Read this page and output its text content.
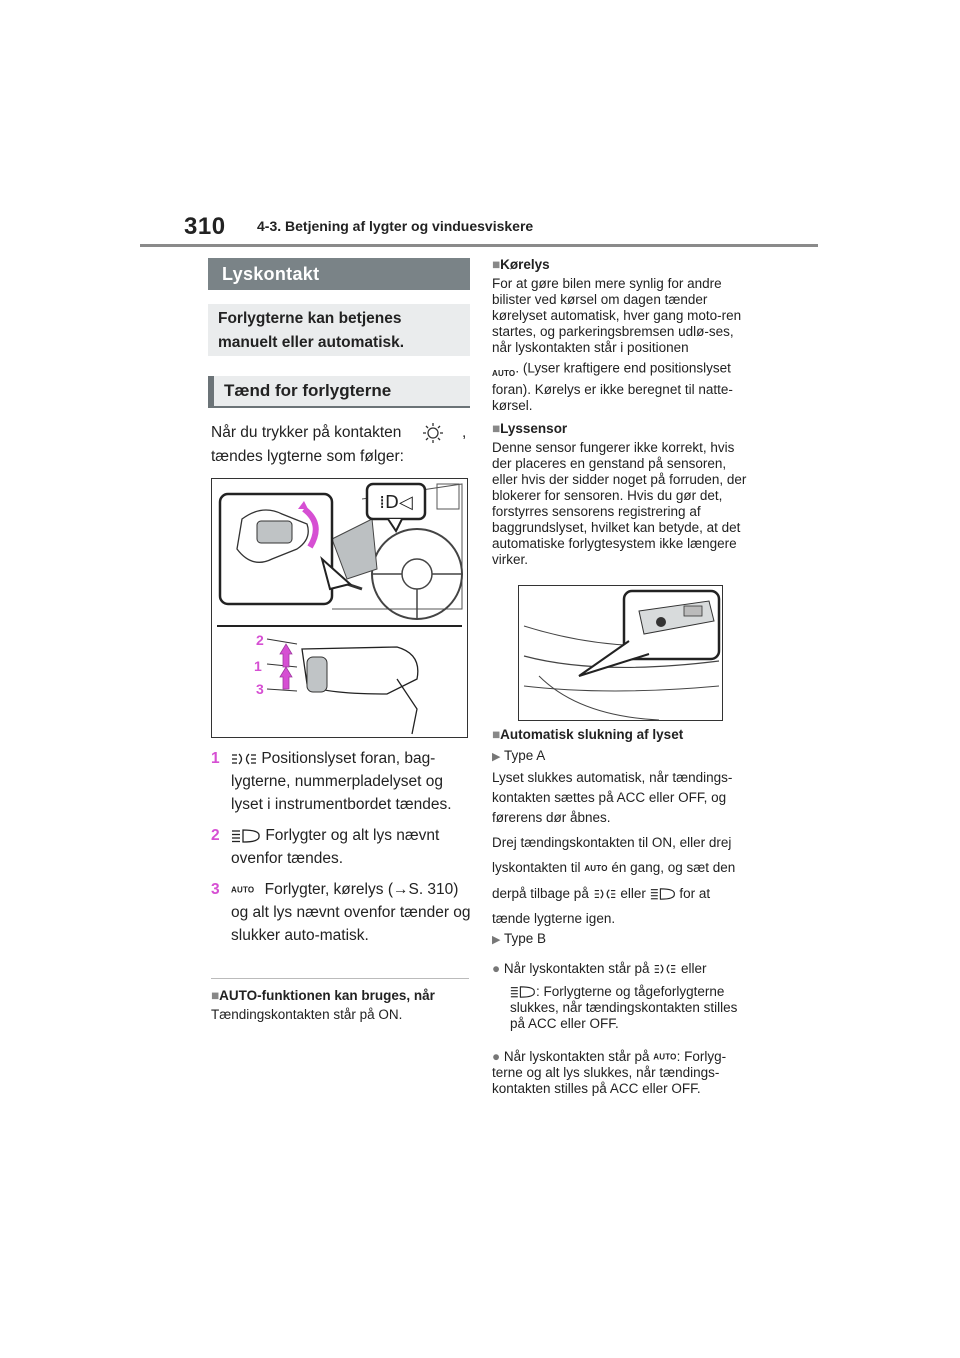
310 4-3. Betjening af lygter og vinduesviskere
Lyskontakt
Forlygterne kan betjenes manuelt eller automatisk.
Tænd for forlygterne
Når du trykker på kontakten	,
tændes lygterne som følger:
⁞D◁
2
1
3
1	Positionslyset foran, bag-lygterne, nummerpladelyset og lyset i instrumentbordet tændes.
2	Forlygter og alt lys nævnt ovenfor tændes.
3	AUTO Forlygter, kørelys (→S. 310) og alt lys nævnt ovenfor tænder og slukker auto-matisk.
■AUTO-funktionen kan bruges, når
Tændingskontakten står på ON.
■Kørelys
For at gøre bilen mere synlig for andre bilister ved kørsel om dagen tænder kørelyset automatisk, hver gang moto-ren startes, og parkeringsbremsen udlø-ses, når lyskontakten står i positionen
AUTO. (Lyser kraftigere end positionslyset foran). Kørelys er ikke beregnet til natte-kørsel.
■Lyssensor
Denne sensor fungerer ikke korrekt, hvis der placeres en genstand på sensoren, eller hvis der sidder noget på forruden, der blokerer for sensoren. Hvis du gør det, forstyrres sensorens registrering af baggrundslyset, hvilket kan betyde, at det automatiske forlygtesystem ikke længere virker.
■Automatisk slukning af lyset
▶ Type A
Lyset slukkes automatisk, når tændings-kontakten sættes på ACC eller OFF, og førerens dør åbnes.
Drej tændingskontakten til ON, eller drej lyskontakten til AUTO én gang, og sæt den derpå tilbage på eller for at tænde lygterne igen.
▶ Type B
● Når lyskontakten står på eller
: Forlygterne og tågeforlygterne slukkes, når tændingskontakten stilles på ACC eller OFF.
● Når lyskontakten står på AUTO: Forlyg-terne og alt lys slukkes, når tændings-kontakten stilles på ACC eller OFF.
